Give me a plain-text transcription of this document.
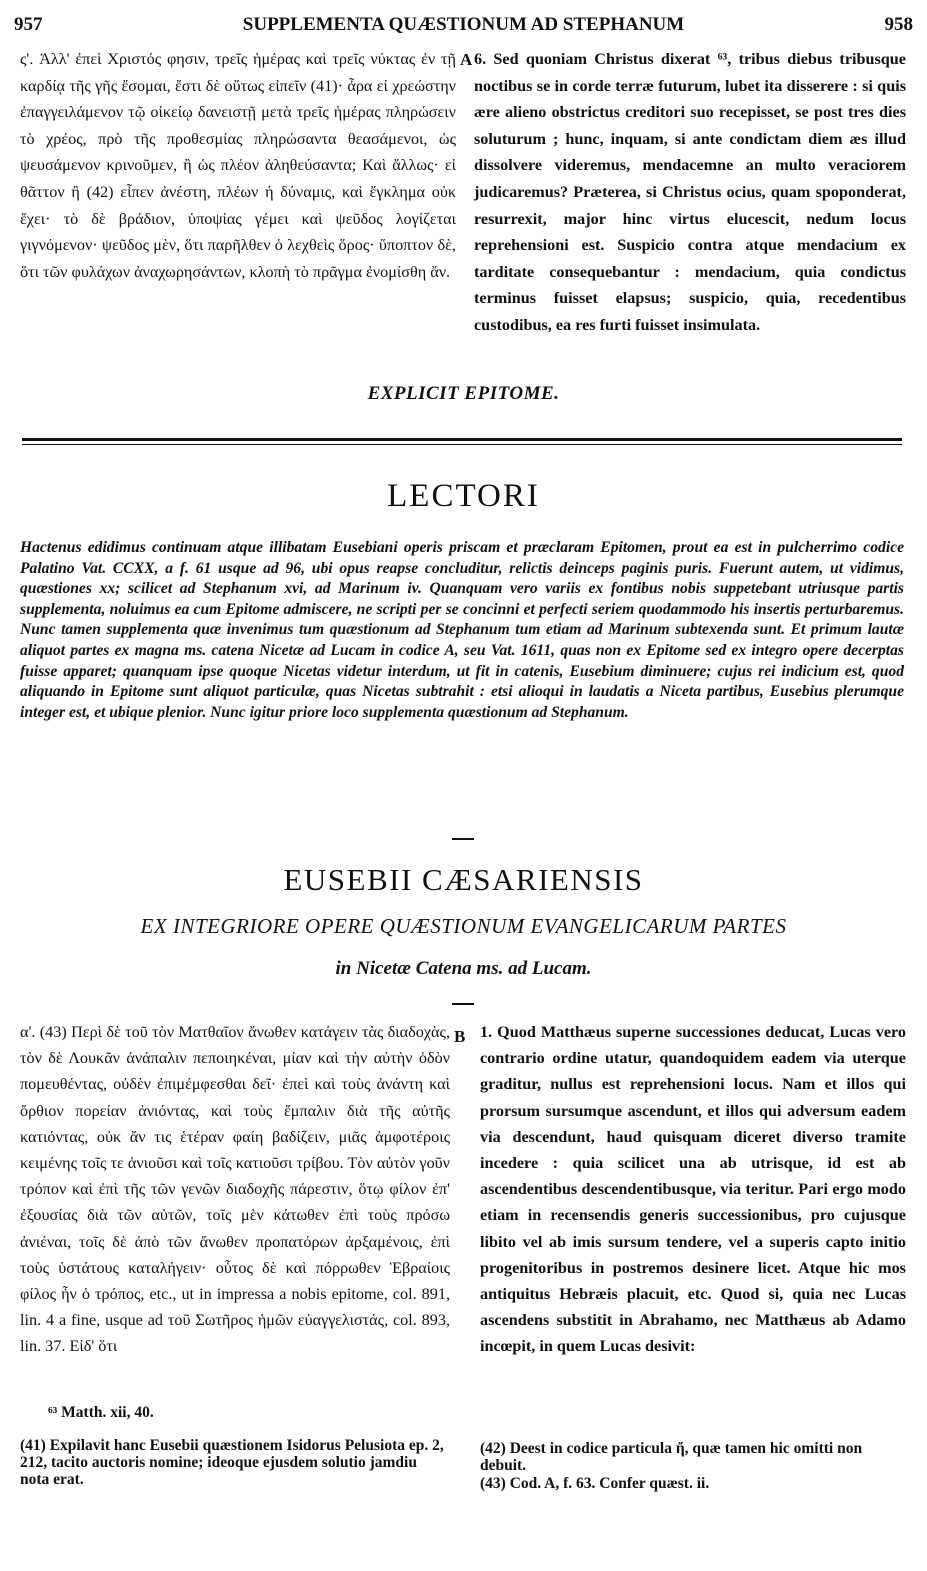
957	SUPPLEMENTA QUÆSTIONUM AD STEPHANUM	958

ς'. Ἀλλ' ἐπεὶ Χριστός φησιν, τρεῖς ἡμέρας καὶ τρεῖς νύκτας ἐν τῇ καρδίᾳ τῆς γῆς ἔσομαι, ἔστι δὲ οὕτως εἰπεῖν (41)· ἆρα εἰ χρεώστην ἐπαγγειλάμενον τῷ οἰκείῳ δανειστῇ μετὰ τρεῖς ἡμέρας πληρώσειν τὸ χρέος, πρὸ τῆς προθεσμίας πληρώσαντα θεασάμενοι, ὡς ψευσάμενον κρινοῦμεν, ἢ ὡς πλέον ἀληθεύσαντα; Καὶ ἄλλως· εἰ θᾶττον ἢ (42) εἶπεν ἀνέστη, πλέων ἡ δύναμις, καὶ ἔγκλημα οὐκ ἔχει· τὸ δὲ βράδιον, ὑποψίας γέμει καὶ ψεῦδος λογίζεται γιγνόμενον· ψεῦδος μὲν, ὅτι παρῆλθεν ὁ λεχθεὶς ὅρος· ὕποπτον δὲ, ὅτι τῶν φυλάχων ἀναχωρησάντων, κλοπὴ τὸ πρᾶγμα ἐνομίσθη ἄν.

A 6. Sed quoniam Christus dixerat ⁶³, tribus diebus tribusque noctibus se in corde terræ futurum, lubet ita disserere : si quis ære alieno obstrictus creditori suo recepisset, se post tres dies soluturum ; hunc, inquam, si ante condictam diem æs illud dissolvere videremus, mendacemne an multo veraciorem judicaremus? Præterea, si Christus ocius, quam spoponderat, resurrexit, major hinc virtus elucescit, nedum locus reprehensioni est. Suspicio contra atque mendacium ex tarditate consequebantur : mendacium, quia condictus terminus fuisset elapsus; suspicio, quia, recedentibus custodibus, ea res furti fuisset insimulata.

EXPLICIT EPITOME.
LECTORI

Hactenus edidimus continuam atque illibatam Eusebiani operis priscam et præclaram Epitomen, prout ea est in pulcherrimo codice Palatino Vat. CCXX, a f. 61 usque ad 96, ubi opus reapse concluditur, relictis deinceps paginis puris. Fuerunt autem, ut vidimus, quæstiones xx; scilicet ad Stephanum xvi, ad Marinum iv. Quanquam vero variis ex fontibus nobis suppetebant utriusque partis supplementa, noluimus ea cum Epitome admiscere, ne scripti per se concinni et perfecti seriem quodammodo his insertis perturbaremus. Nunc tamen supplementa quæ invenimus tum quæstionum ad Stephanum tum etiam ad Marinum subtexenda sunt. Et primum lautæ aliquot partes ex magna ms. catena Nicetæ ad Lucam in codice A, seu Vat. 1611, quas non ex Epitome sed ex integro opere decerptas fuisse apparet; quanquam ipse quoque Nicetas videtur interdum, ut fit in catenis, Eusebium diminuere; cujus rei indicium est, quod aliquando in Epitome sunt aliquot particulæ, quas Nicetas subtrahit : etsi alioqui in laudatis a Niceta partibus, Eusebius plerumque integer est, et ubique plenior. Nunc igitur priore loco supplementa quæstionum ad Stephanum.

EUSEBII CÆSARIENSIS
EX INTEGRIORE OPERE QUÆSTIONUM EVANGELICARUM PARTES
in Nicetæ Catena ms. ad Lucam.

α'. (43) Περὶ δὲ τοῦ τὸν Ματθαῖον ἄνωθεν κατάγειν τὰς διαδοχὰς, τὸν δὲ Λουκᾶν ἀνάπαλιν πεποιηκέναι, μίαν καὶ τὴν αὐτὴν ὁδὸν πομευθέντας, οὐδὲν ἐπιμέμφεσθαι δεῖ· ἐπεὶ καὶ τοὺς ἀνάντη καὶ ὄρθιον πορείαν ἀνιόντας, καὶ τοὺς ἔμπαλιν διὰ τῆς αὐτῆς κατιόντας, οὐκ ἄν τις ἑτέραν φαίη βαδίζειν, μιᾶς ἀμφοτέροις κειμένης τοῖς τε ἀνιοῦσι καὶ τοῖς κατιοῦσι τρίβου. Τὸν αὐτὸν γοῦν τρόπον καὶ ἐπὶ τῆς τῶν γενῶν διαδοχῆς πάρεστιν, ὅτῳ φίλον ἐπ' ἐξουσίας διὰ τῶν αὐτῶν, τοῖς μὲν κάτωθεν ἐπὶ τοὺς πρόσω ἀνιέναι, τοῖς δὲ ἀπὸ τῶν ἄνωθεν προπατόρων ἀρξαμένοις, ἐπὶ τοὺς ὑστάτους καταλήγειν· οὗτος δὲ καὶ πόρρωθεν Ἑβραίοις φίλος ἦν ὁ τρόπος, etc., ut in impressa a nobis epitome, col. 891, lin. 4 a fine, usque ad τοῦ Σωτῆρος ἡμῶν εὐαγγελιστάς, col. 893, lin. 37. Εἰδ' ὅτι

B 1. Quod Matthæus superne successiones deducat, Lucas vero contrario ordine utatur, quandoquidem eadem via uterque graditur, nullus est reprehensioni locus. Nam et illos qui prorsum sursumque ascendunt, et illos qui adversum eadem via descendunt, haud quisquam diceret diverso tramite incedere : quia scilicet una ab utrisque, id est ab ascendentibus descendentibusque, via teritur. Pari ergo modo etiam in recensendis generis successionibus, pro cujusque libito vel ab imis sursum tendere, vel a superis capto initio progenitoribus in postremos desinere licet. Atque hic mos antiquitus Hebræis placuit, etc. Quod si, quia nec Lucas ascendens substitit in Abrahamo, nec Matthæus ab Adamo incœpit, in quem Lucas desivit:

⁶³ Matth. xii, 40.

(41) Expilavit hanc Eusebii quæstionem Isidorus Pelusiota ep. 2, 212, tacito auctoris nomine; ideoque ejusdem solutio jamdiu nota erat.

(42) Deest in codice particula ἤ, quæ tamen hic omitti non debuit.

(43) Cod. A, f. 63. Confer quæst. ii.
